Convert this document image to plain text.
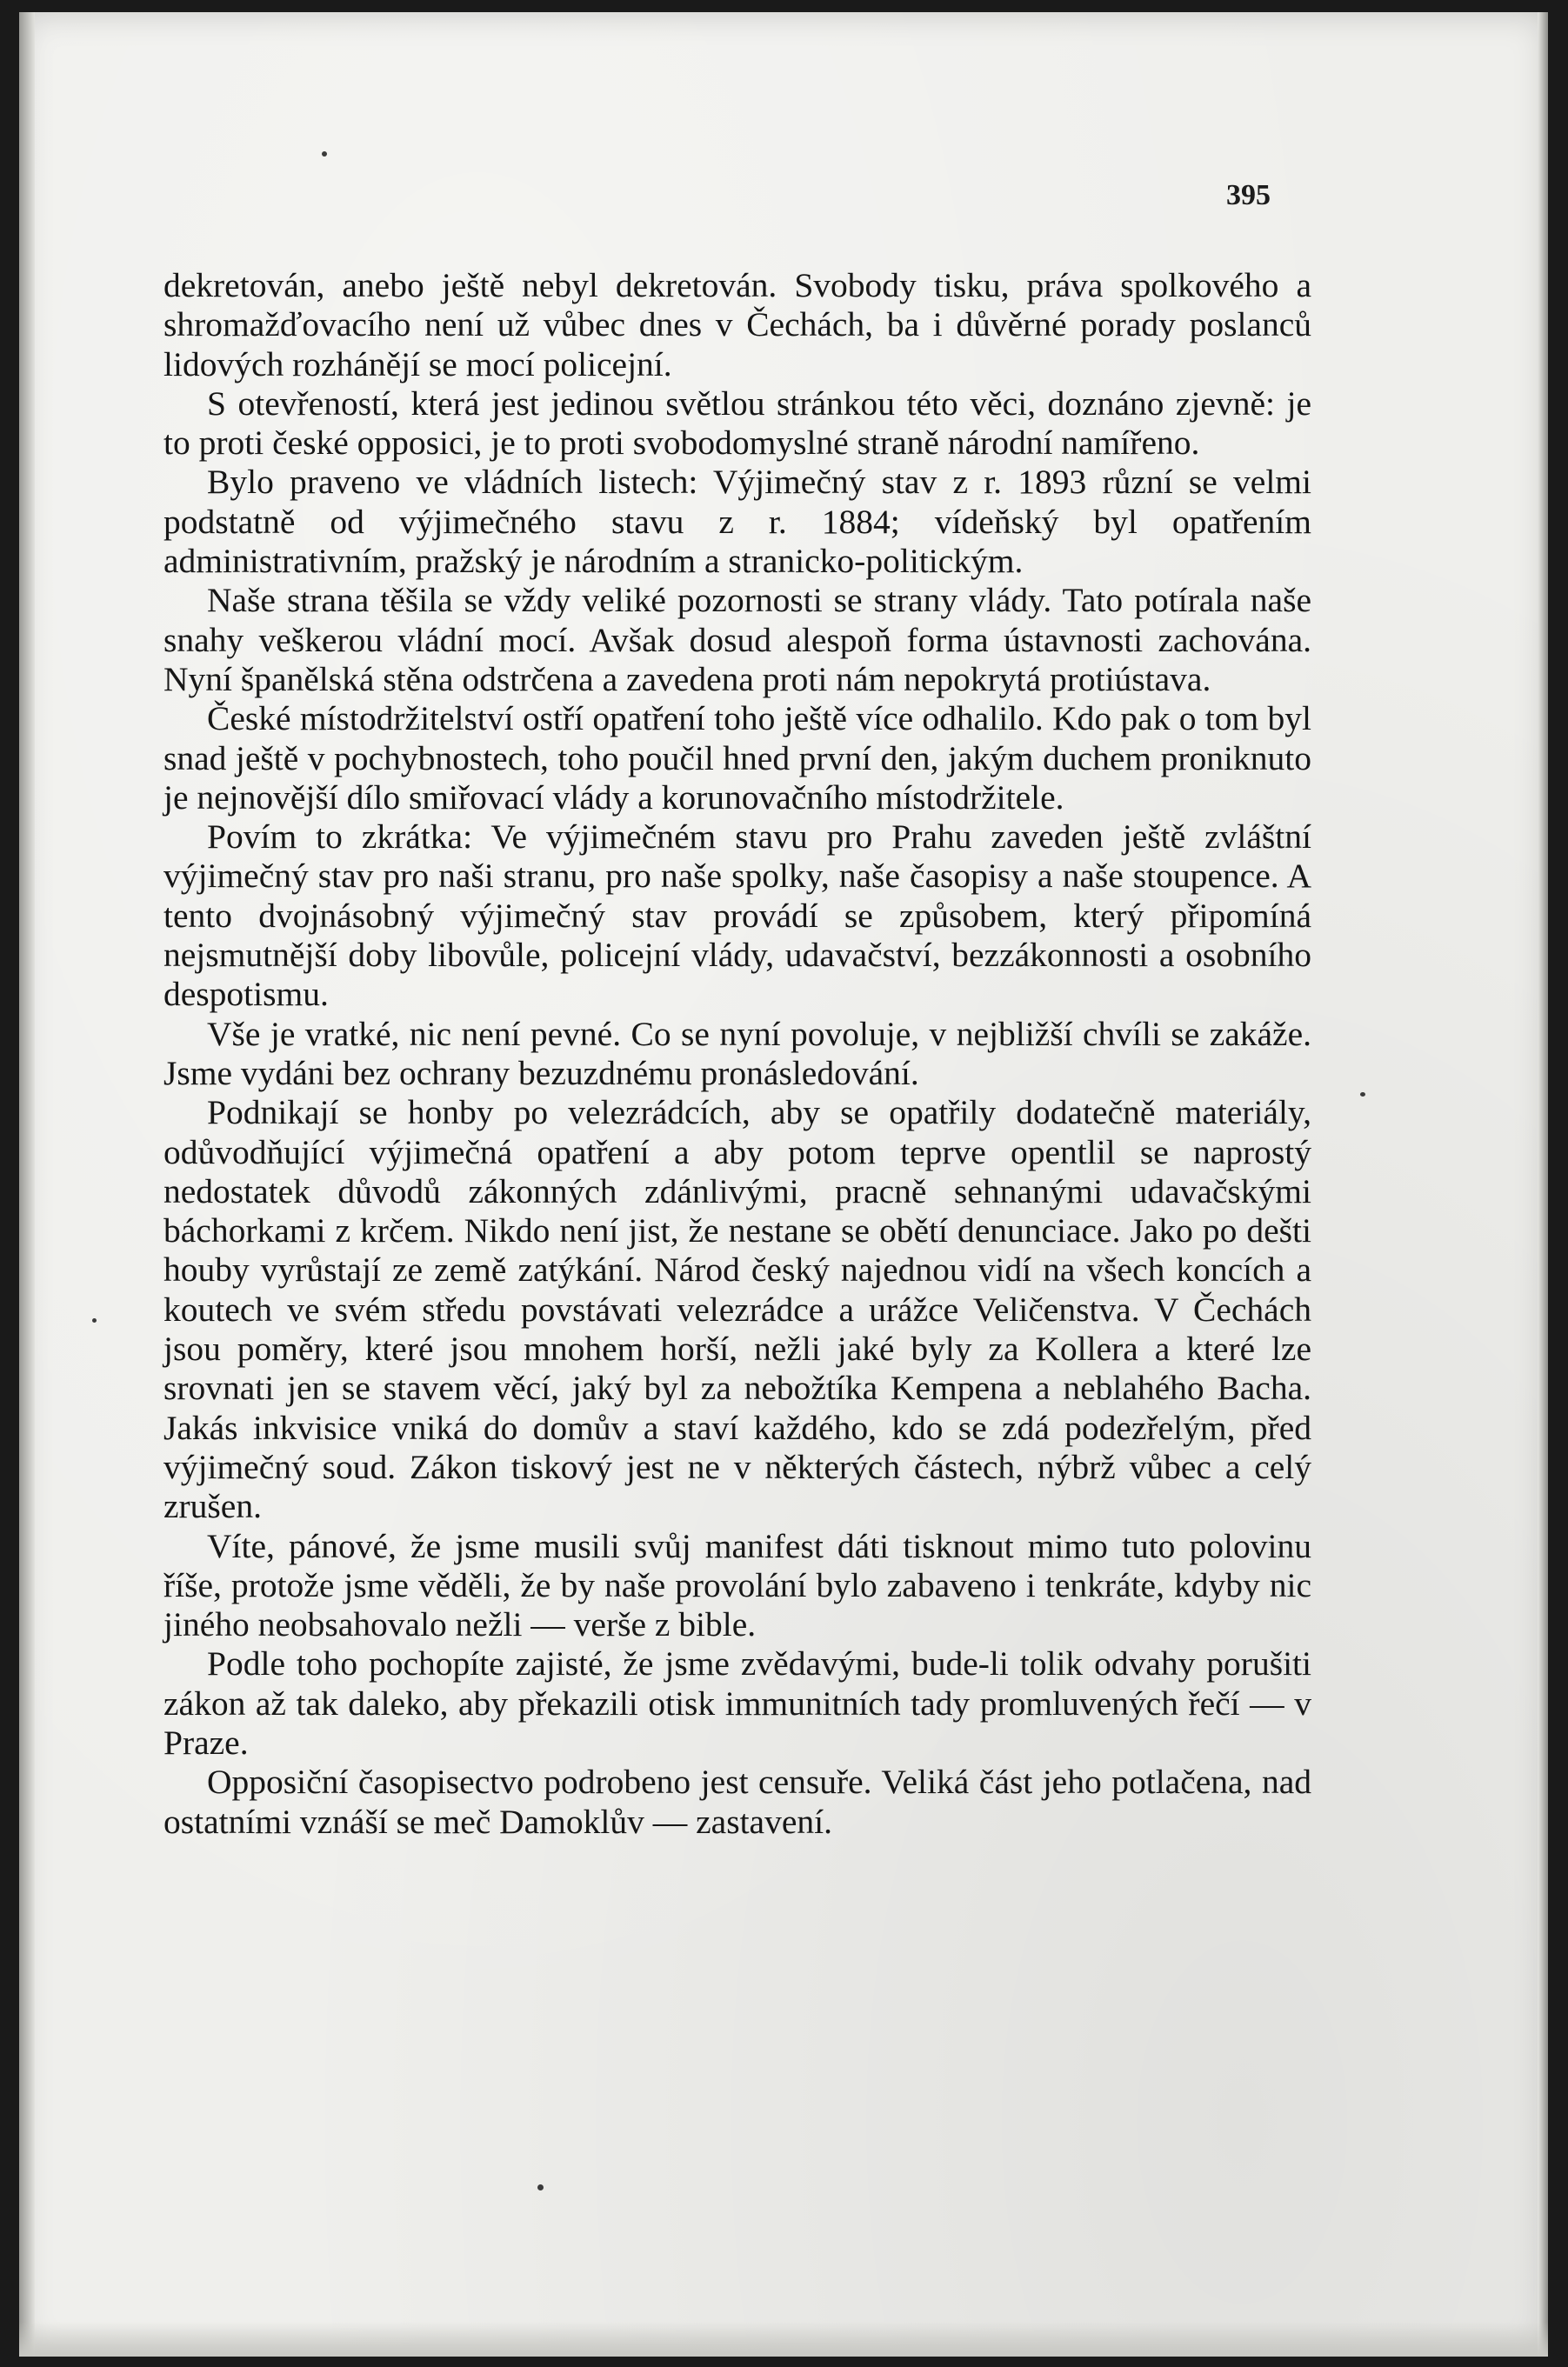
395

dekretován, anebo ještě nebyl dekretován. Svobody tisku, práva spolkového a shromažďovacího není už vůbec dnes v Čechách, ba i důvěrné porady poslanců lidových rozhánějí se mocí policejní.

S otevřeností, která jest jedinou světlou stránkou této věci, doznáno zjevně: je to proti české opposici, je to proti svobodomyslné straně národní namířeno.

Bylo praveno ve vládních listech: Výjimečný stav z r. 1893 různí se velmi podstatně od výjimečného stavu z r. 1884; vídeňský byl opatřením administrativním, pražský je národním a stranicko-politickým.

Naše strana těšila se vždy veliké pozornosti se strany vlády. Tato potírala naše snahy veškerou vládní mocí. Avšak dosud alespoň forma ústavnosti zachována. Nyní španělská stěna odstrčena a zavedena proti nám nepokrytá protiústava.

České místodržitelství ostří opatření toho ještě více odhalilo. Kdo pak o tom byl snad ještě v pochybnostech, toho poučil hned první den, jakým duchem proniknuto je nejnovější dílo smiřovací vlády a korunovačního místodržitele.

Povím to zkrátka: Ve výjimečném stavu pro Prahu zaveden ještě zvláštní výjimečný stav pro naši stranu, pro naše spolky, naše časopisy a naše stoupence. A tento dvojnásobný výjimečný stav provádí se způsobem, který připomíná nejsmutnější doby libovůle, policejní vlády, udavačství, bezzákonnosti a osobního despotismu.

Vše je vratké, nic není pevné. Co se nyní povoluje, v nejbližší chvíli se zakáže. Jsme vydáni bez ochrany bezuzdnému pronásledování.

Podnikají se honby po velezrádcích, aby se opatřily dodatečně materiály, odůvodňující výjimečná opatření a aby potom teprve opentlil se naprostý nedostatek důvodů zákonných zdánlivými, pracně sehnanými udavačskými báchorkami z krčem. Nikdo není jist, že nestane se obětí denunciace. Jako po dešti houby vyrůstají ze země zatýkání. Národ český najednou vidí na všech koncích a koutech ve svém středu povstávati velezrádce a urážce Veličenstva. V Čechách jsou poměry, které jsou mnohem horší, nežli jaké byly za Kollera a které lze srovnati jen se stavem věcí, jaký byl za nebožtíka Kempena a neblahého Bacha. Jakás inkvisice vniká do domův a staví každého, kdo se zdá podezřelým, před výjimečný soud. Zákon tiskový jest ne v některých částech, nýbrž vůbec a celý zrušen.

Víte, pánové, že jsme musili svůj manifest dáti tisknout mimo tuto polovinu říše, protože jsme věděli, že by naše provolání bylo zabaveno i tenkráte, kdyby nic jiného neobsahovalo nežli — verše z bible.

Podle toho pochopíte zajisté, že jsme zvědavými, bude-li tolik odvahy porušiti zákon až tak daleko, aby překazili otisk immunitních tady promluvených řečí — v Praze.

Opposiční časopisectvo podrobeno jest censuře. Veliká část jeho potlačena, nad ostatními vznáší se meč Damoklův — zastavení.
